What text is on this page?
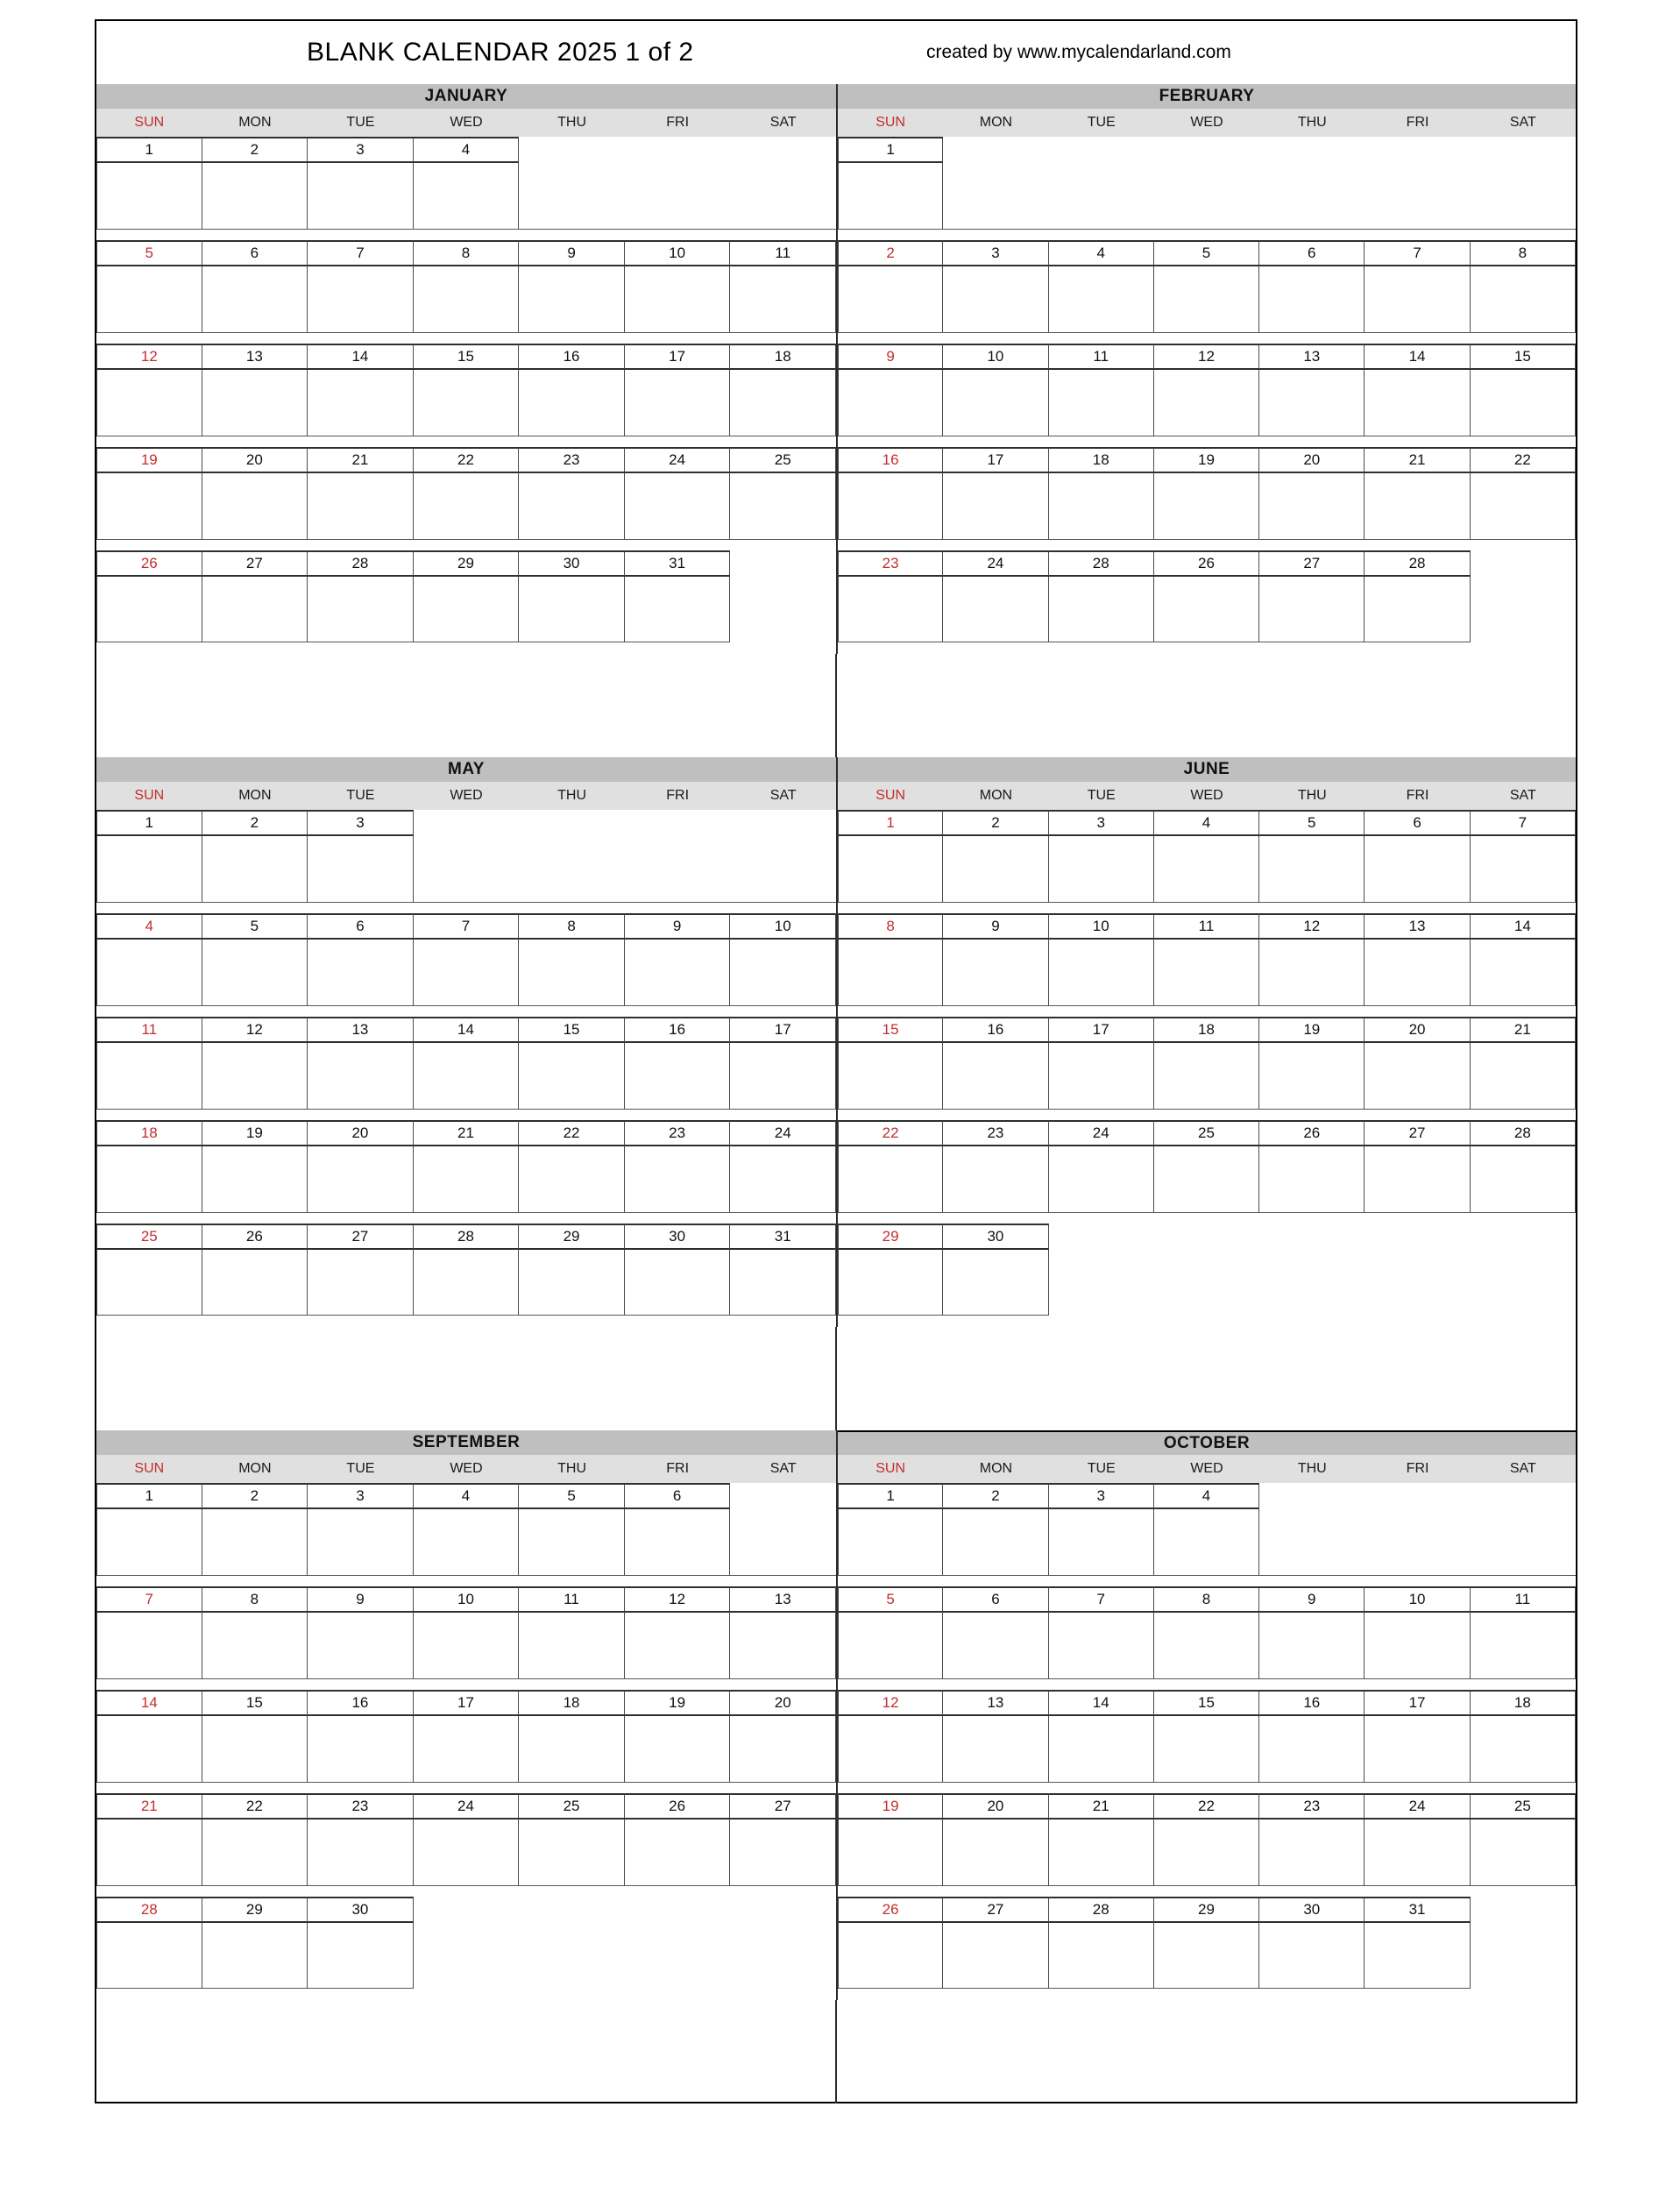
BLANK CALENDAR 2025 1 of 2	created by www.mycalendarland.com
JANUARY
SUN	MON	TUE	WED	THU	FRI	SAT
1	2	3	4
5	6	7	8	9	10	11
12	13	14	15	16	17	18
19	20	21	22	23	24	25
26	27	28	29	30	31
FEBRUARY
SUN	MON	TUE	WED	THU	FRI	SAT
1
2	3	4	5	6	7	8
9	10	11	12	13	14	15
16	17	18	19	20	21	22
23	24	28	26	27	28
MAY
SUN	MON	TUE	WED	THU	FRI	SAT
1	2	3
4	5	6	7	8	9	10
11	12	13	14	15	16	17
18	19	20	21	22	23	24
25	26	27	28	29	30	31
JUNE
SUN	MON	TUE	WED	THU	FRI	SAT
1	2	3	4	5	6	7
8	9	10	11	12	13	14
15	16	17	18	19	20	21
22	23	24	25	26	27	28
29	30
SEPTEMBER
SUN	MON	TUE	WED	THU	FRI	SAT
1	2	3	4	5	6
7	8	9	10	11	12	13
14	15	16	17	18	19	20
21	22	23	24	25	26	27
28	29	30
OCTOBER
SUN	MON	TUE	WED	THU	FRI	SAT
1	2	3	4
5	6	7	8	9	10	11
12	13	14	15	16	17	18
19	20	21	22	23	24	25
26	27	28	29	30	31
